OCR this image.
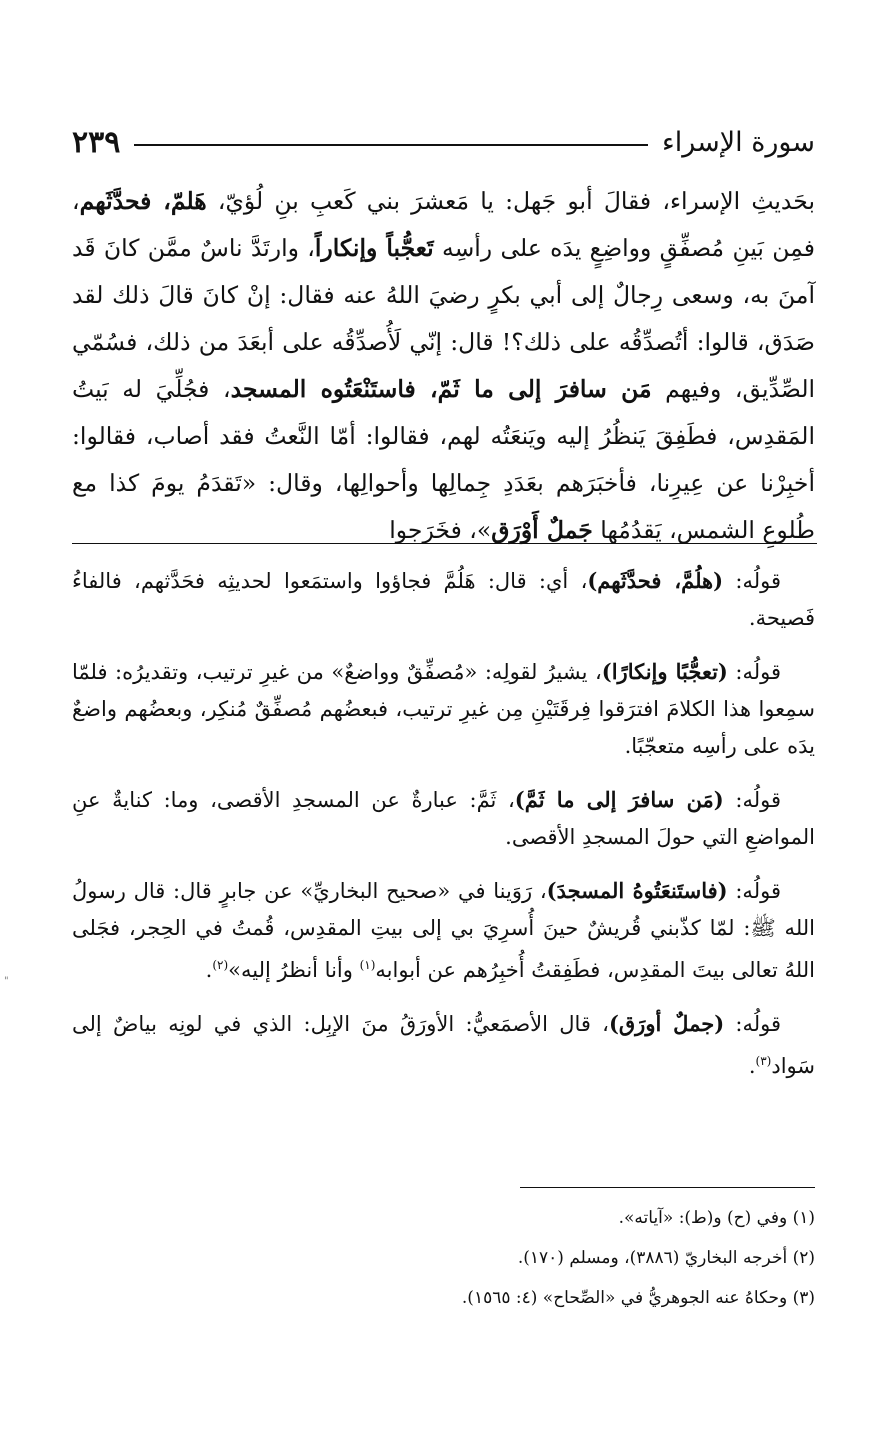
سورة الإسراء
٢٣٩

بحَديثِ الإسراء، فقالَ أبو جَهل: يا مَعشرَ بني كَعبِ بنِ لُؤيّ، هَلمّ، فحدَّثَهم، فمِن بَينِ مُصفِّقٍ وواضِعٍ يدَه على رأسِه تَعجُّباً وإنكاراً، وارتَدَّ ناسٌ ممَّن كانَ قَد آمنَ به، وسعى رِجالٌ إلى أبي بكرٍ رضيَ اللهُ عنه فقال: إنْ كانَ قالَ ذلك لقد صَدَق، قالوا: أتُصدِّقُه على ذلك؟! قال: إنّي لَأُصدِّقُه على أبعَدَ من ذلك، فسُمّي الصِّدِّيق، وفيهم مَن سافرَ إلى ما ثَمّ، فاستَنْعَتُوه المسجد، فجُلِّيَ له بَيتُ المَقدِس، فطَفِقَ يَنظُرُ إليه ويَنعَتُه لهم، فقالوا: أمّا النَّعتُ فقد أصاب، فقالوا: أخبِرْنا عن عِيرِنا، فأخبَرَهم بعَدَدِ جِمالِها وأحوالِها، وقال: «تَقدَمُ يومَ كذا مع طُلوعِ الشمس، يَقدُمُها جَملٌ أَوْرَق»، فخَرَجوا

قولُه: (هلُمَّ، فحدَّثَهم)، أي: قال: هَلُمَّ فجاؤوا واستمَعوا لحديثِه فحَدَّثهم، فالفاءُ فَصيحة.

قولُه: (تعجُّبًا وإنكارًا)، يشيرُ لقولِه: «مُصفِّقٌ وواضعٌ» من غيرِ ترتيب، وتقديرُه: فلمّا سمِعوا هذا الكلامَ افترَقوا فِرقَتَيْنِ مِن غيرِ ترتيب، فبعضُهم مُصفِّقٌ مُنكِر، وبعضُهم واضعٌ يدَه على رأسِه متعجّبًا.

قولُه: (مَن سافرَ إلى ما ثَمَّ)، ثَمَّ: عبارةٌ عن المسجدِ الأقصى، وما: كنايةٌ عنِ المواضعِ التي حولَ المسجدِ الأقصى.

قولُه: (فاستَنعَتُوهُ المسجدَ)، رَوَينا في «صحيح البخاريِّ» عن جابرٍ قال: قال رسولُ الله ﷺ: لمّا كذّبني قُريشٌ حينَ أُسرِيَ بي إلى بيتِ المقدِس، قُمتُ في الحِجر، فجَلى اللهُ تعالى بيتَ المقدِس، فطَفِقتُ أُخبِرُهم عن أبوابه$^{(١)}$ وأنا أنظرُ إليه»$^{(٢)}$.

قولُه: (جملٌ أورَق)، قال الأصمَعيُّ: الأورَقُ منَ الإبِل: الذي في لونِه بياضٌ إلى سَواد$^{(٣)}$.

(١) وفي (ح) و(ط): «آياته».
(٢) أخرجه البخاريّ (٣٨٨٦)، ومسلم (١٧٠).
(٣) وحكاهُ عنه الجوهريُّ في «الصِّحاح» (٤: ١٥٦٥).
"
